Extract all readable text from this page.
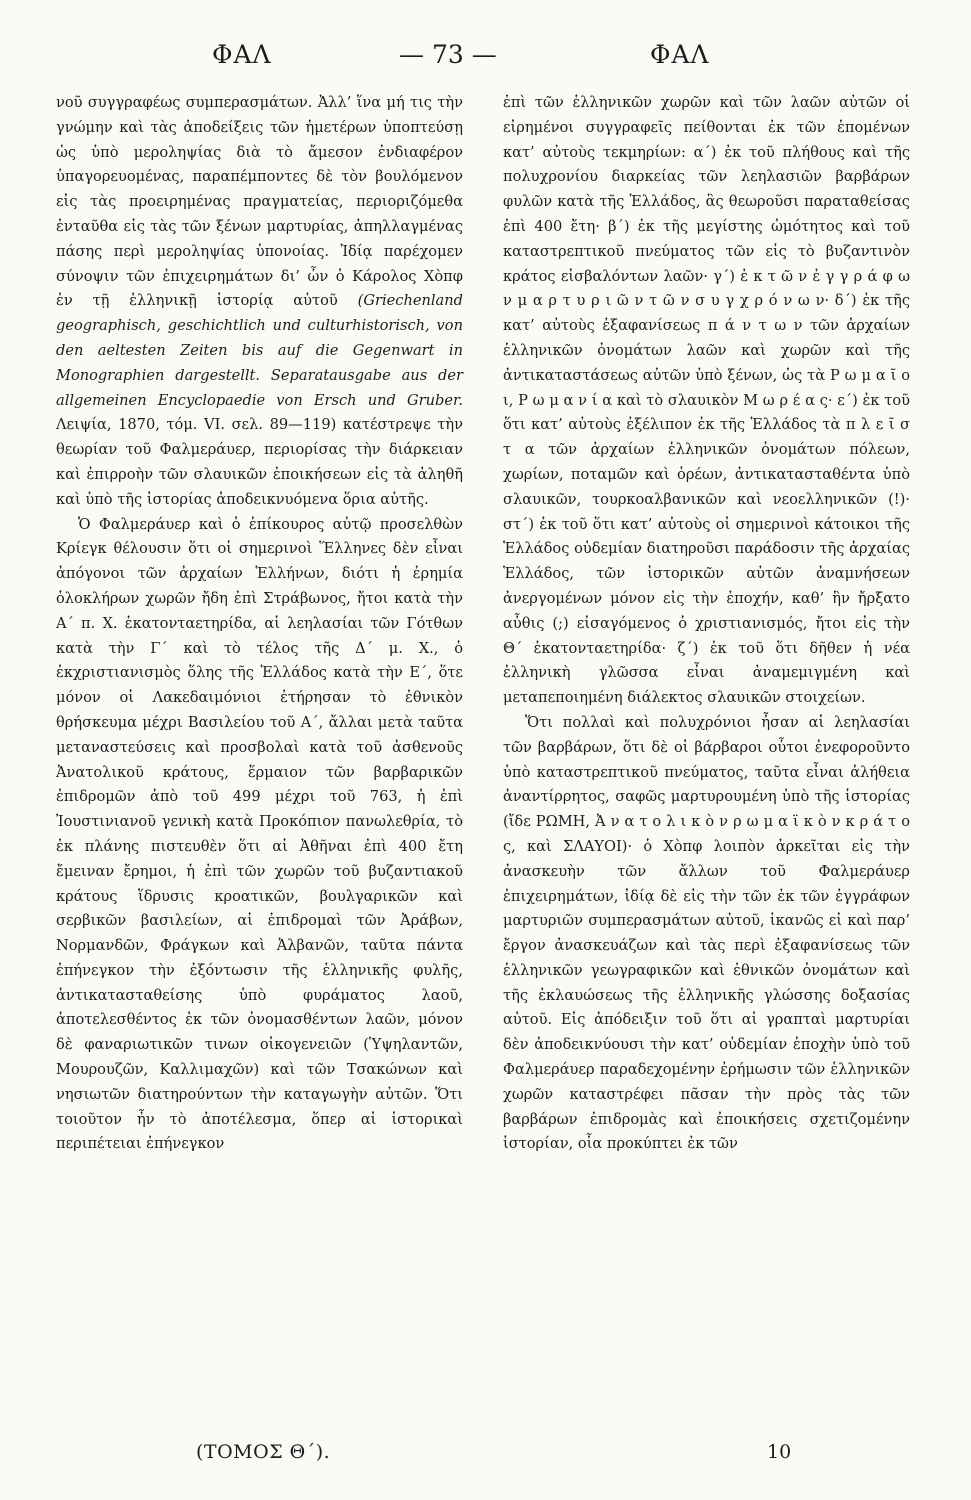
ΦΑΛ	— 73 —	ΦΑΛ

νοῦ συγγραφέως συμπερασμάτων. Ἀλλ’ ἵνα μή τις τὴν γνώμην καὶ τὰς ἀποδείξεις τῶν ἡμετέρων ὑποπτεύσῃ ὡς ὑπὸ μεροληψίας διὰ τὸ ἄμεσον ἐνδιαφέρον ὑπαγορευομένας, παραπέμποντες δὲ τὸν βουλόμενον εἰς τὰς προειρημένας πραγματείας, περιοριζόμεθα ἐνταῦθα εἰς τὰς τῶν ξένων μαρτυρίας, ἀπηλλαγμένας πάσης περὶ μεροληψίας ὑπονοίας. Ἰδίᾳ παρέχομεν σύνοψιν τῶν ἐπιχειρημάτων δι’ ὧν ὁ Κάρολος Χὸπφ ἐν τῇ ἑλληνικῇ ἱστορίᾳ αὐτοῦ (Griechenland geographisch, geschichtlich und culturhistorisch, von den aeltesten Zeiten bis auf die Gegenwart in Monographien dargestellt. Separatausgabe aus der allgemeinen Encyclopaedie von Ersch und Gruber. Λειψία, 1870, τόμ. VI. σελ. 89—119) κατέστρεψε τὴν θεωρίαν τοῦ Φαλμεράυερ, περιορίσας τὴν διάρκειαν καὶ ἐπιρροὴν τῶν σλαυικῶν ἐποικήσεων εἰς τὰ ἀληθῆ καὶ ὑπὸ τῆς ἱστορίας ἀποδεικνυόμενα ὅρια αὐτῆς.

Ὁ Φαλμεράυερ καὶ ὁ ἐπίκουρος αὐτῷ προσελθὼν Κρίεγκ θέλουσιν ὅτι οἱ σημερινοὶ Ἕλληνες δὲν εἶναι ἀπόγονοι τῶν ἀρχαίων Ἑλλήνων, διότι ἡ ἐρημία ὁλοκλήρων χωρῶν ἤδη ἐπὶ Στράβωνος, ἤτοι κατὰ τὴν Α΄ π. Χ. ἑκατονταετηρίδα, αἱ λεηλασίαι τῶν Γότθων κατὰ τὴν Γ΄ καὶ τὸ τέλος τῆς Δ΄ μ. Χ., ὁ ἐκχριστιανισμὸς ὅλης τῆς Ἑλλάδος κατὰ τὴν Ε΄, ὅτε μόνον οἱ Λακεδαιμόνιοι ἐτήρησαν τὸ ἐθνικὸν θρήσκευμα μέχρι Βασιλείου τοῦ Α΄, ἄλλαι μετὰ ταῦτα μεταναστεύσεις καὶ προσβολαὶ κατὰ τοῦ ἀσθενοῦς Ἀνατολικοῦ κράτους, ἕρμαιον τῶν βαρβαρικῶν ἐπιδρομῶν ἀπὸ τοῦ 499 μέχρι τοῦ 763, ἡ ἐπὶ Ἰουστινιανοῦ γενικὴ κατὰ Προκόπιον πανωλεθρία, τὸ ἐκ πλάνης πιστευθὲν ὅτι αἱ Ἀθῆναι ἐπὶ 400 ἔτη ἔμειναν ἔρημοι, ἡ ἐπὶ τῶν χωρῶν τοῦ βυζαντιακοῦ κράτους ἵδρυσις κροατικῶν, βουλγαρικῶν καὶ σερβικῶν βασιλείων, αἱ ἐπιδρομαὶ τῶν Ἀράβων, Νορμανδῶν, Φράγκων καὶ Ἀλβανῶν, ταῦτα πάντα ἐπήνεγκον τὴν ἐξόντωσιν τῆς ἑλληνικῆς φυλῆς, ἀντικατασταθείσης ὑπὸ φυράματος λαοῦ, ἀποτελεσθέντος ἐκ τῶν ὀνομασθέντων λαῶν, μόνον δὲ φαναριωτικῶν τινων οἰκογενειῶν (Ὑψηλαντῶν, Μουρουζῶν, Καλλιμαχῶν) καὶ τῶν Τσακώνων καὶ νησιωτῶν διατηρούντων τὴν καταγωγὴν αὐτῶν. Ὅτι τοιοῦτον ἦν τὸ ἀποτέλεσμα, ὅπερ αἱ ἱστορικαὶ περιπέτειαι ἐπήνεγκον

ἐπὶ τῶν ἑλληνικῶν χωρῶν καὶ τῶν λαῶν αὐτῶν οἱ εἰρημένοι συγγραφεῖς πείθονται ἐκ τῶν ἑπομένων κατ’ αὐτοὺς τεκμηρίων: α΄) ἐκ τοῦ πλήθους καὶ τῆς πολυχρονίου διαρκείας τῶν λεηλασιῶν βαρβάρων φυλῶν κατὰ τῆς Ἑλλάδος, ἃς θεωροῦσι παραταθείσας ἐπὶ 400 ἔτη· β΄) ἐκ τῆς μεγίστης ὠμότητος καὶ τοῦ καταστρεπτικοῦ πνεύματος τῶν εἰς τὸ βυζαντινὸν κράτος εἰσβαλόντων λαῶν· γ΄) ἐ κ τ ῶ ν ἐ γ γ ρ ά φ ω ν μ α ρ τ υ ρ ι ῶ ν τ ῶ ν σ υ γ χ ρ ό ν ω ν· δ΄) ἐκ τῆς κατ’ αὐτοὺς ἐξαφανίσεως π ά ν τ ω ν τῶν ἀρχαίων ἑλληνικῶν ὀνομάτων λαῶν καὶ χωρῶν καὶ τῆς ἀντικαταστάσεως αὐτῶν ὑπὸ ξένων, ὡς τὰ Ρ ω μ α ῖ ο ι, Ρ ω μ α ν ί α καὶ τὸ σλαυικὸν Μ ω ρ έ α ς· ε΄) ἐκ τοῦ ὅτι κατ’ αὐτοὺς ἐξέλιπον ἐκ τῆς Ἑλλάδος τὰ π λ ε ῖ σ τ α τῶν ἀρχαίων ἑλληνικῶν ὀνομάτων πόλεων, χωρίων, ποταμῶν καὶ ὀρέων, ἀντικατασταθέντα ὑπὸ σλαυικῶν, τουρκοαλβανικῶν καὶ νεοελληνικῶν (!)· στ΄) ἐκ τοῦ ὅτι κατ’ αὐτοὺς οἱ σημερινοὶ κάτοικοι τῆς Ἑλλάδος οὐδεμίαν διατηροῦσι παράδοσιν τῆς ἀρχαίας Ἑλλάδος, τῶν ἱστορικῶν αὐτῶν ἀναμνήσεων ἀνεργομένων μόνον εἰς τὴν ἐποχήν, καθ’ ἣν ἤρξατο αὖθις (;) εἰσαγόμενος ὁ χριστιανισμός, ἤτοι εἰς τὴν Θ΄ ἑκατονταετηρίδα· ζ΄) ἐκ τοῦ ὅτι δῆθεν ἡ νέα ἑλληνικὴ γλῶσσα εἶναι ἀναμεμιγμένη καὶ μεταπεποιημένη διάλεκτος σλαυικῶν στοιχείων.

Ὅτι πολλαὶ καὶ πολυχρόνιοι ἦσαν αἱ λεηλασίαι τῶν βαρβάρων, ὅτι δὲ οἱ βάρβαροι οὗτοι ἐνεφοροῦντο ὑπὸ καταστρεπτικοῦ πνεύματος, ταῦτα εἶναι ἀλήθεια ἀναντίρρητος, σαφῶς μαρτυρουμένη ὑπὸ τῆς ἱστορίας (ἴδε ΡΩΜΗ, Ἀ ν α τ ο λ ι κ ὸ ν ρ ω μ α ϊ κ ὸ ν κ ρ ά τ ο ς, καὶ ΣΛΑΥΟΙ)· ὁ Χὸπφ λοιπὸν ἀρκεῖται εἰς τὴν ἀνασκευὴν τῶν ἄλλων τοῦ Φαλμεράυερ ἐπιχειρημάτων, ἰδίᾳ δὲ εἰς τὴν τῶν ἐκ τῶν ἐγγράφων μαρτυριῶν συμπερασμάτων αὐτοῦ, ἱκανῶς εἰ καὶ παρ’ ἔργον ἀνασκευάζων καὶ τὰς περὶ ἐξαφανίσεως τῶν ἑλληνικῶν γεωγραφικῶν καὶ ἐθνικῶν ὀνομάτων καὶ τῆς ἐκλαυώσεως τῆς ἑλληνικῆς γλώσσης δοξασίας αὐτοῦ. Εἰς ἀπόδειξιν τοῦ ὅτι αἱ γραπταὶ μαρτυρίαι δὲν ἀποδεικνύουσι τὴν κατ’ οὐδεμίαν ἐποχὴν ὑπὸ τοῦ Φαλμεράυερ παραδεχομένην ἐρήμωσιν τῶν ἑλληνικῶν χωρῶν καταστρέφει πᾶσαν τὴν πρὸς τὰς τῶν βαρβάρων ἐπιδρομὰς καὶ ἐποικήσεις σχετιζομένην ἱστορίαν, οἷα προκύπτει ἐκ τῶν

(ΤΟΜΟΣ Θ΄).	10
